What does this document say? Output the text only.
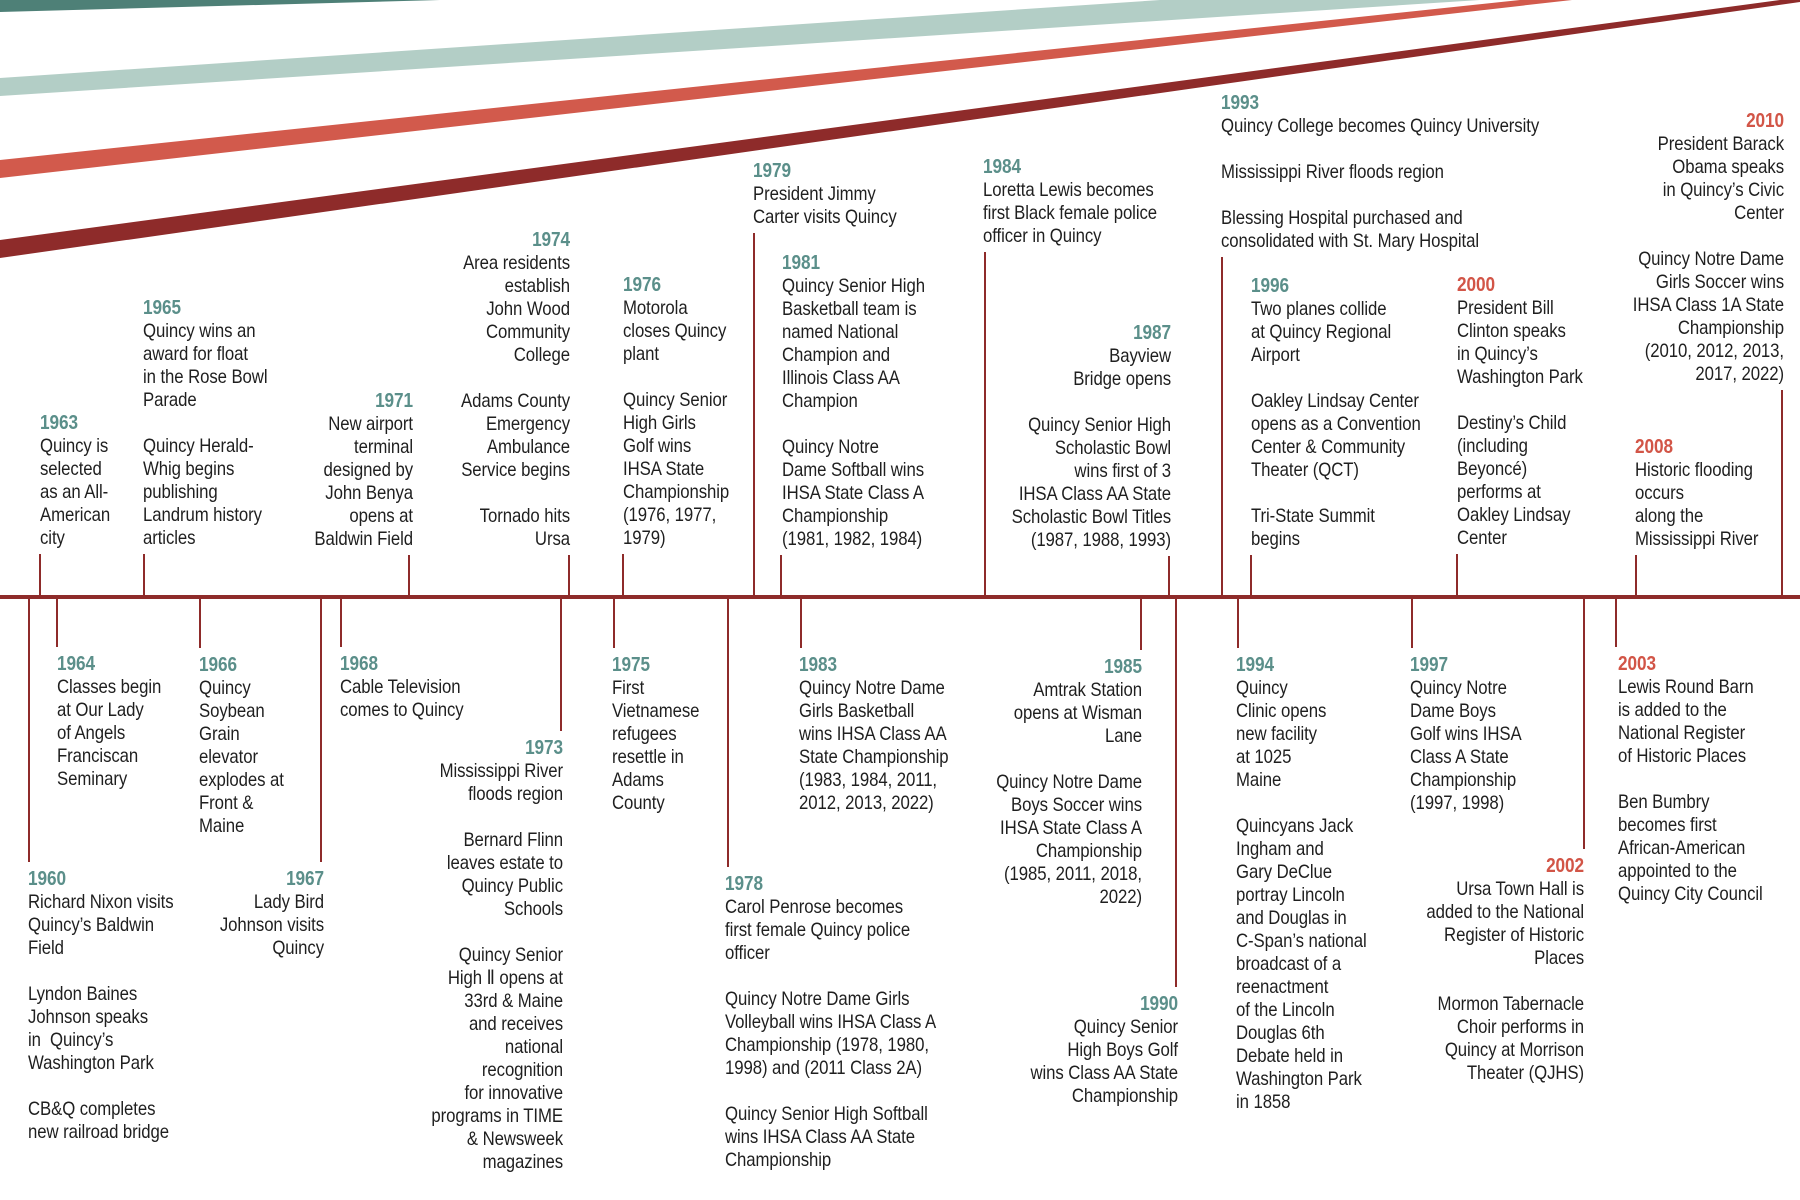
1963
Quincy is
selected
as an All-
American
city
1965
Quincy wins an
award for float
in the Rose Bowl
Parade
Quincy Herald-
Whig begins
publishing
Landrum history
articles
1971
New airport
terminal
designed by
John Benya
opens at
Baldwin Field
1974
Area residents
establish
John Wood
Community
College
Adams County
Emergency
Ambulance
Service begins
Tornado hits
Ursa
1976
Motorola
closes Quincy
plant
Quincy Senior
High Girls
Golf wins
IHSA State
Championship
(1976, 1977,
1979)
1979
President Jimmy
Carter visits Quincy
1981
Quincy Senior High
Basketball team is
named National
Champion and
Illinois Class AA
Champion
Quincy Notre
Dame Softball wins
IHSA State Class A
Championship
(1981, 1982, 1984)
1984
Loretta Lewis becomes
first Black female police
officer in Quincy
1987
Bayview
Bridge opens
Quincy Senior High
Scholastic Bowl
wins first of 3
IHSA Class AA State
Scholastic Bowl Titles
(1987, 1988, 1993)
1993
Quincy College becomes Quincy University
Mississippi River floods region
Blessing Hospital purchased and
consolidated with St. Mary Hospital
1996
Two planes collide
at Quincy Regional
Airport
Oakley Lindsay Center
opens as a Convention
Center & Community
Theater (QCT)
Tri-State Summit
begins
2000
President Bill
Clinton speaks
in Quincy’s
Washington Park
Destiny’s Child
(including
Beyoncé)
performs at
Oakley Lindsay
Center
2008
Historic flooding
occurs
along the
Mississippi River
2010
President Barack
Obama speaks
in Quincy’s Civic
Center
Quincy Notre Dame
Girls Soccer wins
IHSA Class 1A State
Championship
(2010, 2012, 2013,
2017, 2022)
1960
Richard Nixon visits
Quincy’s Baldwin
Field
Lyndon Baines
Johnson speaks
in  Quincy’s
Washington Park
CB&Q completes
new railroad bridge
1964
Classes begin
at Our Lady
of Angels
Franciscan
Seminary
1966
Quincy
Soybean
Grain
elevator
explodes at
Front &
Maine
1967
Lady Bird
Johnson visits
Quincy
1968
Cable Television
comes to Quincy
1973
Mississippi River
floods region
Bernard Flinn
leaves estate to
Quincy Public
Schools
Quincy Senior
High Ⅱ opens at
33rd & Maine
and receives
national
recognition
for innovative
programs in TIME
& Newsweek
magazines
1975
First
Vietnamese
refugees
resettle in
Adams
County
1978
Carol Penrose becomes
first female Quincy police
officer
Quincy Notre Dame Girls
Volleyball wins IHSA Class A
Championship (1978, 1980,
1998) and (2011 Class 2A)
Quincy Senior High Softball
wins IHSA Class AA State
Championship
1983
Quincy Notre Dame
Girls Basketball
wins IHSA Class AA
State Championship
(1983, 1984, 2011,
2012, 2013, 2022)
1985
Amtrak Station
opens at Wisman
Lane
Quincy Notre Dame
Boys Soccer wins
IHSA State Class A
Championship
(1985, 2011, 2018,
2022)
1990
Quincy Senior
High Boys Golf
wins Class AA State
Championship
1994
Quincy
Clinic opens
new facility
at 1025
Maine
Quincyans Jack
Ingham and
Gary DeClue
portray Lincoln
and Douglas in
C-Span’s national
broadcast of a
reenactment
of the Lincoln
Douglas 6th
Debate held in
Washington Park
in 1858
1997
Quincy Notre
Dame Boys
Golf wins IHSA
Class A State
Championship
(1997, 1998)
2002
Ursa Town Hall is
added to the National
Register of Historic
Places
Mormon Tabernacle
Choir performs in
Quincy at Morrison
Theater (QJHS)
2003
Lewis Round Barn
is added to the
National Register
of Historic Places
Ben Bumbry
becomes first
African-American
appointed to the
Quincy City Council
